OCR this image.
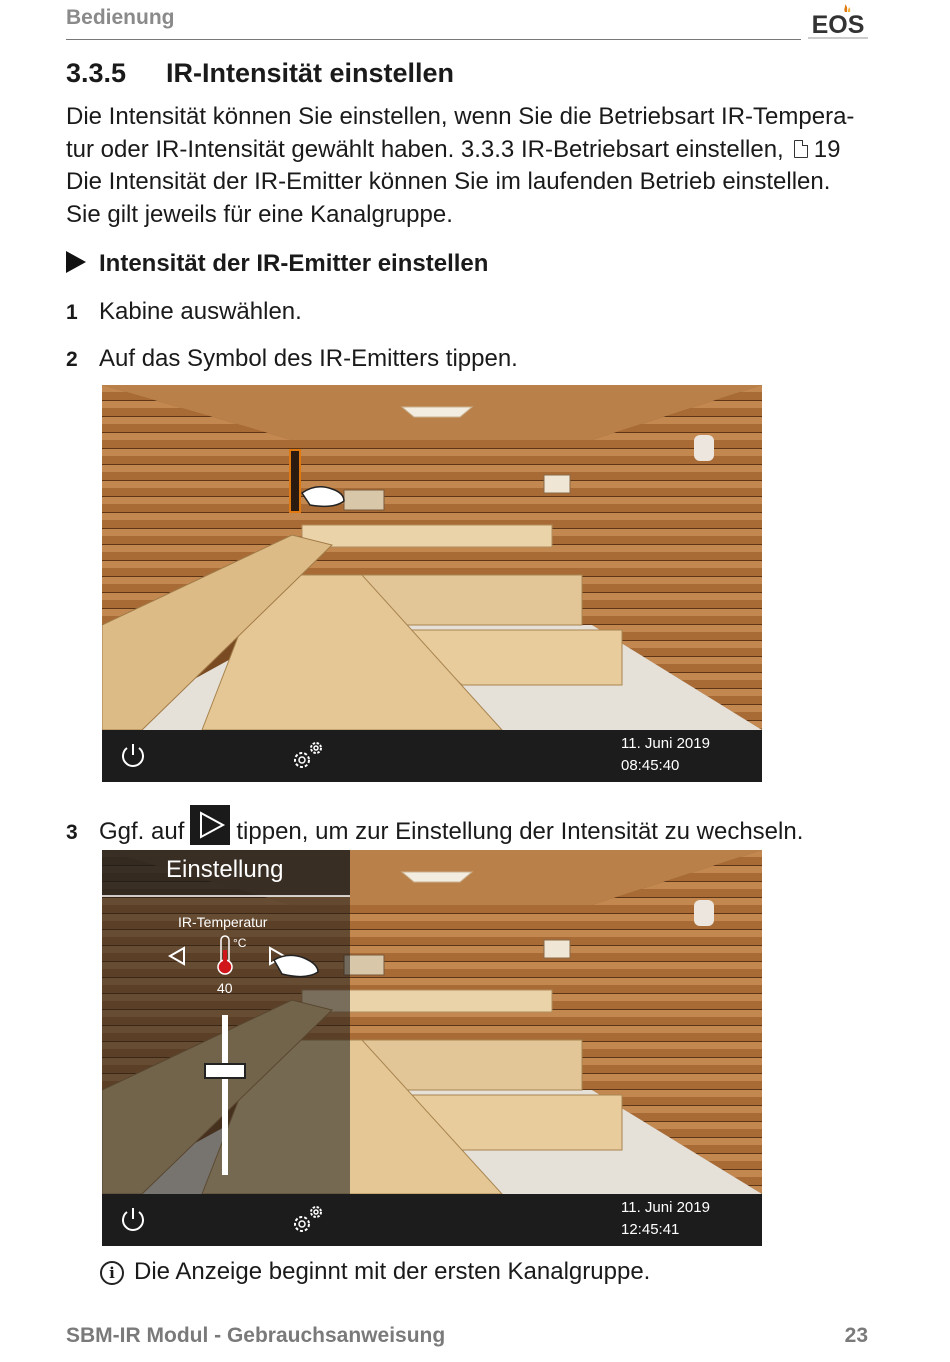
Bedienung	EOS
3.3.5 IR-Intensität einstellen
Die Intensität können Sie einstellen, wenn Sie die Betriebsart IR-Tempera-
tur oder IR-Intensität gewählt haben. 3.3.3 IR-Betriebsart einstellen, 19
Die Intensität der IR-Emitter können Sie im laufenden Betrieb einstellen.
Sie gilt jeweils für eine Kanalgruppe.
Intensität der IR-Emitter einstellen
1 Kabine auswählen.
2 Auf das Symbol des IR-Emitters tippen.
11. Juni 2019
08:45:40
3 Ggf. auf tippen, um zur Einstellung der Intensität zu wechseln.
Einstellung
IR-Temperatur
°C
40
11. Juni 2019
12:45:41
i Die Anzeige beginnt mit der ersten Kanalgruppe.
SBM-IR Modul - Gebrauchsanweisung	23
